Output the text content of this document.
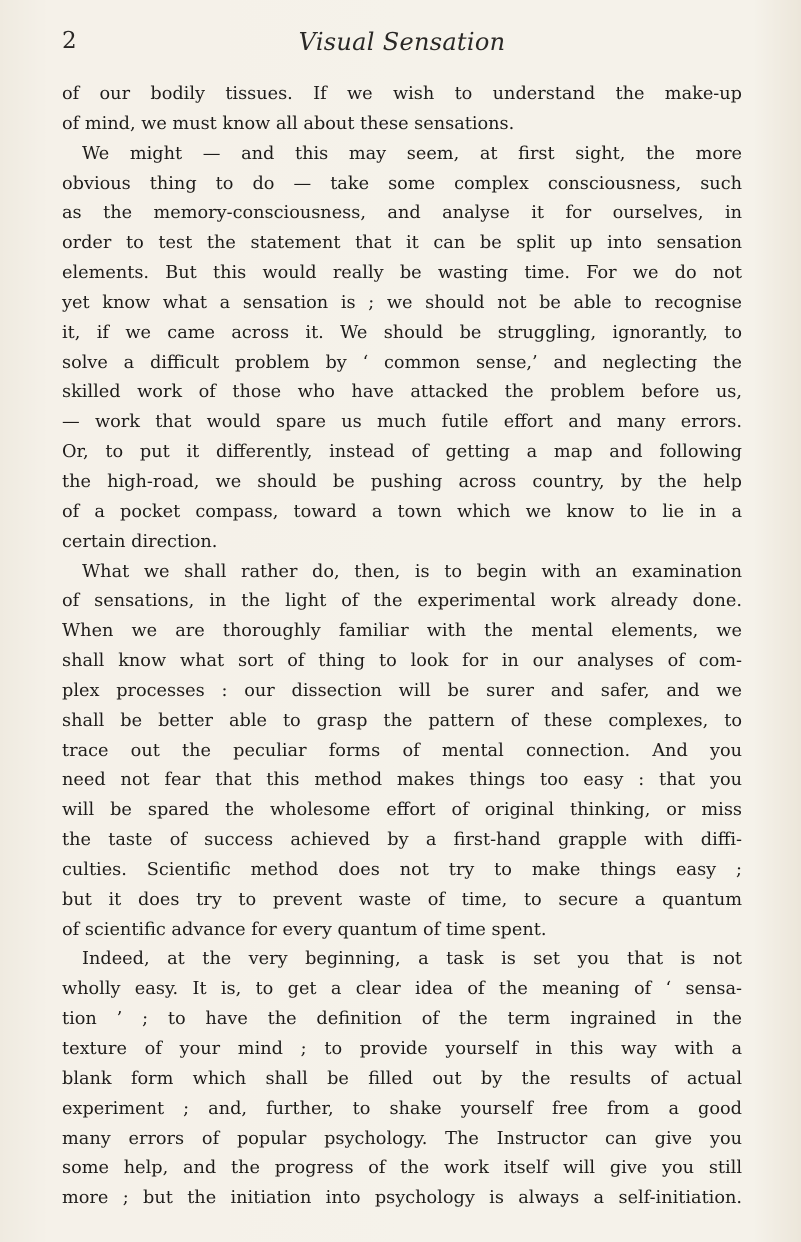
2	Visual Sensation
of our bodily tissues. If we wish to understand the make-up
of mind, we must know all about these sensations.
We might — and this may seem, at first sight, the more
obvious thing to do — take some complex consciousness, such
as the memory-consciousness, and analyse it for ourselves, in
order to test the statement that it can be split up into sensation
elements. But this would really be wasting time. For we do not
yet know what a sensation is ; we should not be able to recognise
it, if we came across it. We should be struggling, ignorantly, to
solve a difficult problem by ‘ common sense,’ and neglecting the
skilled work of those who have attacked the problem before us,
— work that would spare us much futile effort and many errors.
Or, to put it differently, instead of getting a map and following
the high-road, we should be pushing across country, by the help
of a pocket compass, toward a town which we know to lie in a
certain direction.
What we shall rather do, then, is to begin with an examination
of sensations, in the light of the experimental work already done.
When we are thoroughly familiar with the mental elements, we
shall know what sort of thing to look for in our analyses of com-
plex processes : our dissection will be surer and safer, and we
shall be better able to grasp the pattern of these complexes, to
trace out the peculiar forms of mental connection. And you
need not fear that this method makes things too easy : that you
will be spared the wholesome effort of original thinking, or miss
the taste of success achieved by a first-hand grapple with diffi-
culties. Scientific method does not try to make things easy ;
but it does try to prevent waste of time, to secure a quantum
of scientific advance for every quantum of time spent.
Indeed, at the very beginning, a task is set you that is not
wholly easy. It is, to get a clear idea of the meaning of ‘ sensa-
tion ’ ; to have the definition of the term ingrained in the
texture of your mind ; to provide yourself in this way with a
blank form which shall be filled out by the results of actual
experiment ; and, further, to shake yourself free from a good
many errors of popular psychology. The Instructor can give you
some help, and the progress of the work itself will give you still
more ; but the initiation into psychology is always a self-initiation.
